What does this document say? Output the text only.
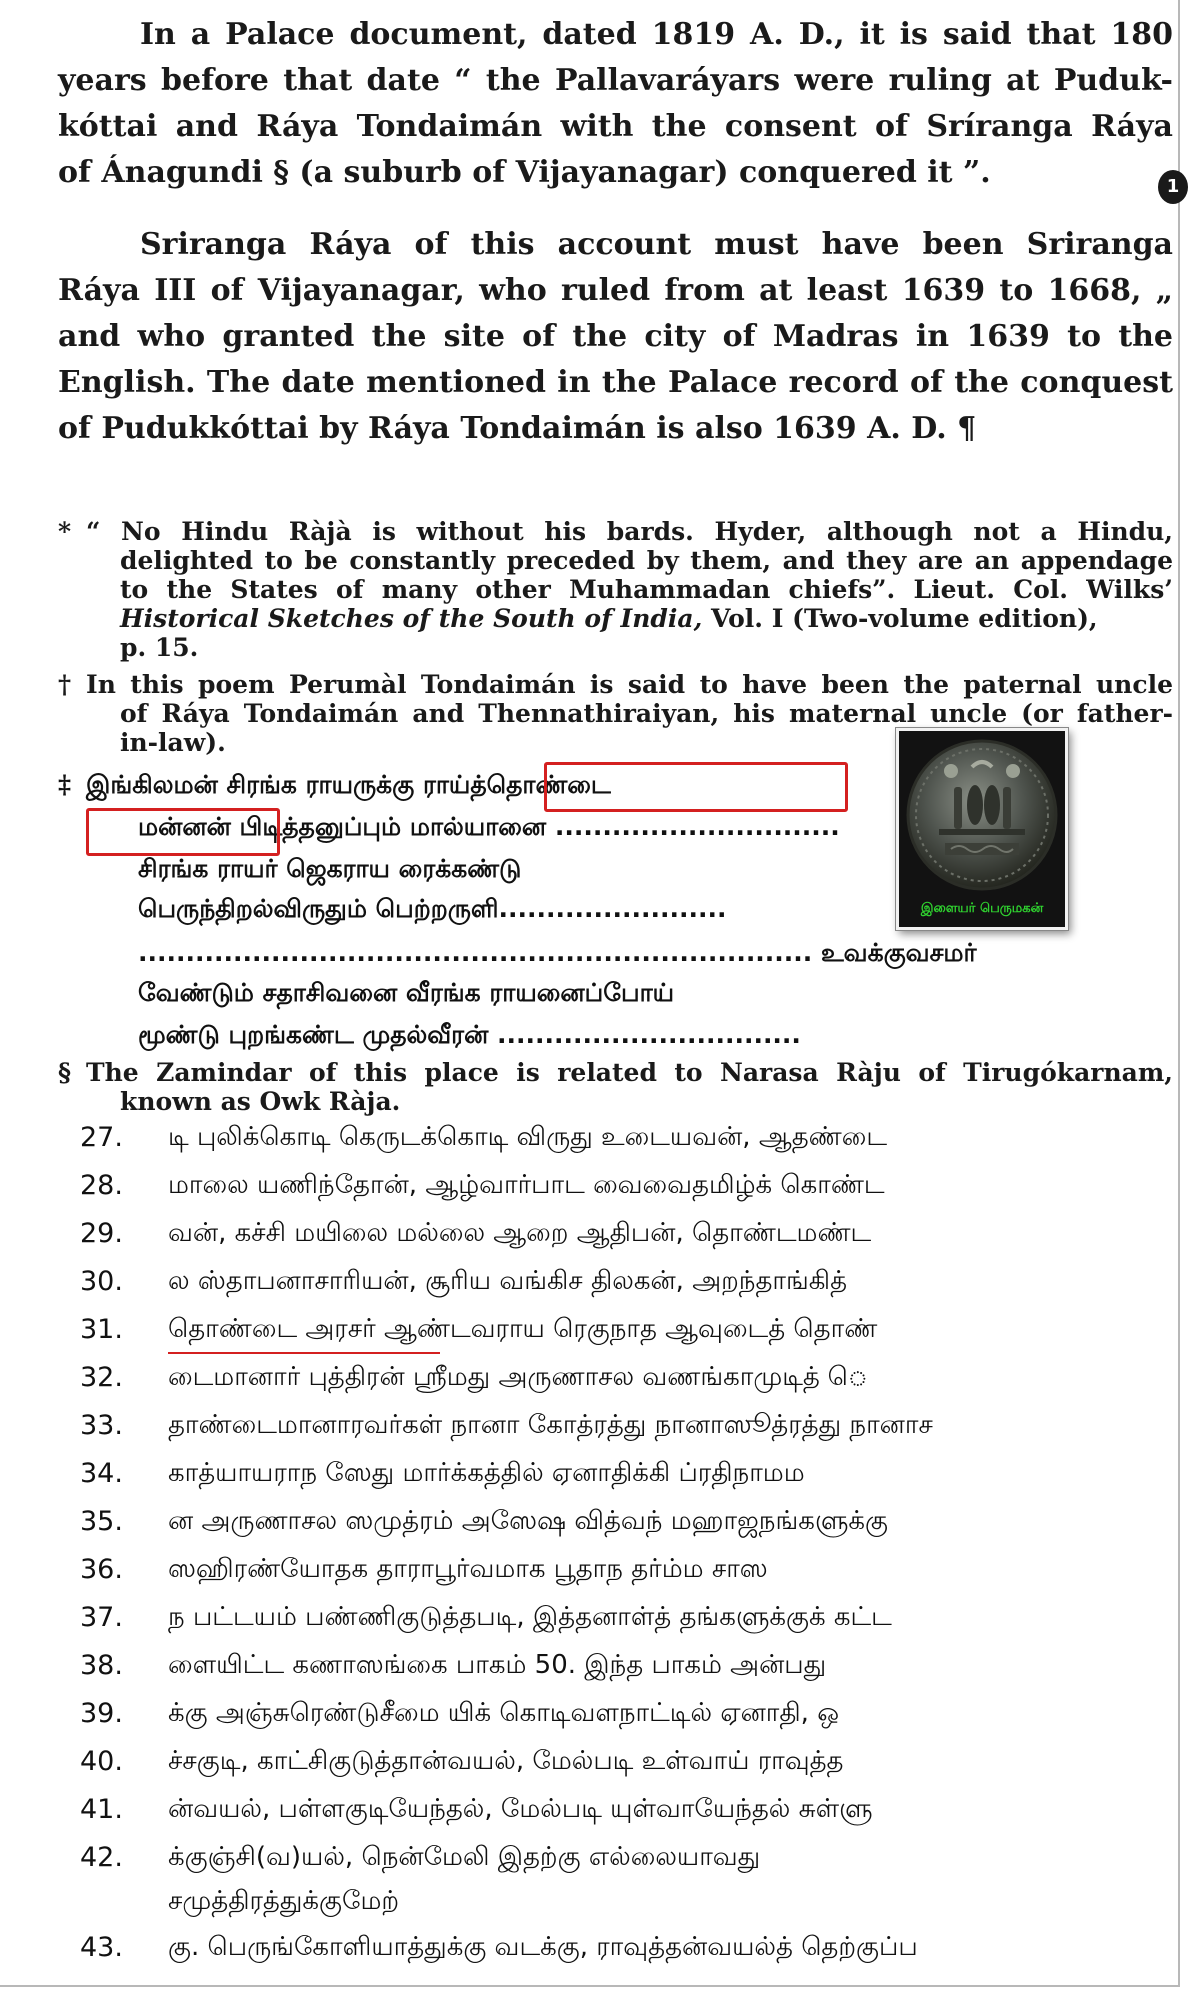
In a Palace document, dated 1819 A. D., it is said that 180
years before that date “ the Pallavaráyars were ruling at Puduk-
kóttai and Ráya Tondaimán with the consent of Sríranga Ráya
of Ánagundi § (a suburb of Vijayanagar) conquered it ”.	1
Sriranga Ráya of this account must have been Sriranga
Ráya III of Vijayanagar, who ruled from at least 1639 to 1668, „
and who granted the site of the city of Madras in 1639 to the
English. The date mentioned in the Palace record of the conquest
of Pudukkóttai by Ráya Tondaimán is also 1639 A. D. ¶
* “ No Hindu Ràjà is without his bards. Hyder, although not a Hindu,
delighted to be constantly preceded by them, and they are an appendage
to the States of many other Muhammadan chiefs”. Lieut. Col. Wilks’
Historical Sketches of the South of India, Vol. I (Two-volume edition),
p. 15.
† In this poem Perumàl Tondaimán is said to have been the paternal uncle
of Ráya Tondaimán and Thennathiraiyan, his maternal uncle (or father-
in-law).
‡ இங்கிலமன் சிரங்க ராயருக்கு ராய்த்தொண்டை
மன்னன் பிடித்தனுப்பும் மால்யானை ..............................
சிரங்க ராயர் ஜெகராய ரைக்கண்டு
பெருந்திறல்விருதும் பெற்றருளி........................
....................................................................... உவக்குவசமர்
வேண்டும் சதாசிவனை வீரங்க ராயனைப்போய்
மூண்டு புறங்கண்ட முதல்வீரன் ................................
இளையர் பெருமகன்
§ The Zamindar of this place is related to Narasa Ràju of Tirugókarnam,
known as Owk Ràja.
27.	டி புலிக்கொடி கெருடக்கொடி விருது உடையவன், ஆதண்டை
28.	மாலை யணிந்தோன், ஆழ்வார்பாட வைவைதமிழ்க் கொண்ட
29.	வன், கச்சி மயிலை மல்லை ஆறை ஆதிபன், தொண்டமண்ட
30.	ல ஸ்தாபனாசாரியன், சூரிய வங்கிச திலகன், அறந்தாங்கித்
31.	தொண்டை அரசர் ஆண்டவராய ரெகுநாத ஆவுடைத் தொண்
32.	டைமானார் புத்திரன் ஸ்ரீமது அருணாசல வணங்காமுடித் ெ
33.	தாண்டைமானாரவர்கள் நானா கோத்ரத்து நானாஸூத்ரத்து நானாச
34.	காத்யாயராந ஸேது மார்க்கத்தில் ஏனாதிக்கி ப்ரதிநாமம
35.	ன அருணாசல ஸமுத்ரம் அஸேஷ வித்வந் மஹாஜநங்களுக்கு
36.	ஸஹிரண்யோதக தாராபூர்வமாக பூதாந தர்ம்ம சாஸ
37.	ந பட்டயம் பண்ணிகுடுத்தபடி, இத்தனாள்த் தங்களுக்குக் கட்ட
38.	ளையிட்ட கணாஸங்கை பாகம் 50. இந்த பாகம் அன்பது
39.	க்கு அஞ்சுரெண்டுசீமை யிக் கொடிவளநாட்டில் ஏனாதி, ஒ
40.	ச்சகுடி, காட்சிகுடுத்தான்வயல், மேல்படி உள்வாய் ராவுத்த
41.	ன்வயல், பள்ளகுடியேந்தல், மேல்படி யுள்வாயேந்தல் சுள்ளு
42.	க்குஞ்சி(வ)யல், நென்மேலி இதற்கு எல்லையாவது
சமுத்திரத்துக்குமேற்
43.	கு. பெருங்கோளியாத்துக்கு வடக்கு, ராவுத்தன்வயல்த் தெற்குப்ப
